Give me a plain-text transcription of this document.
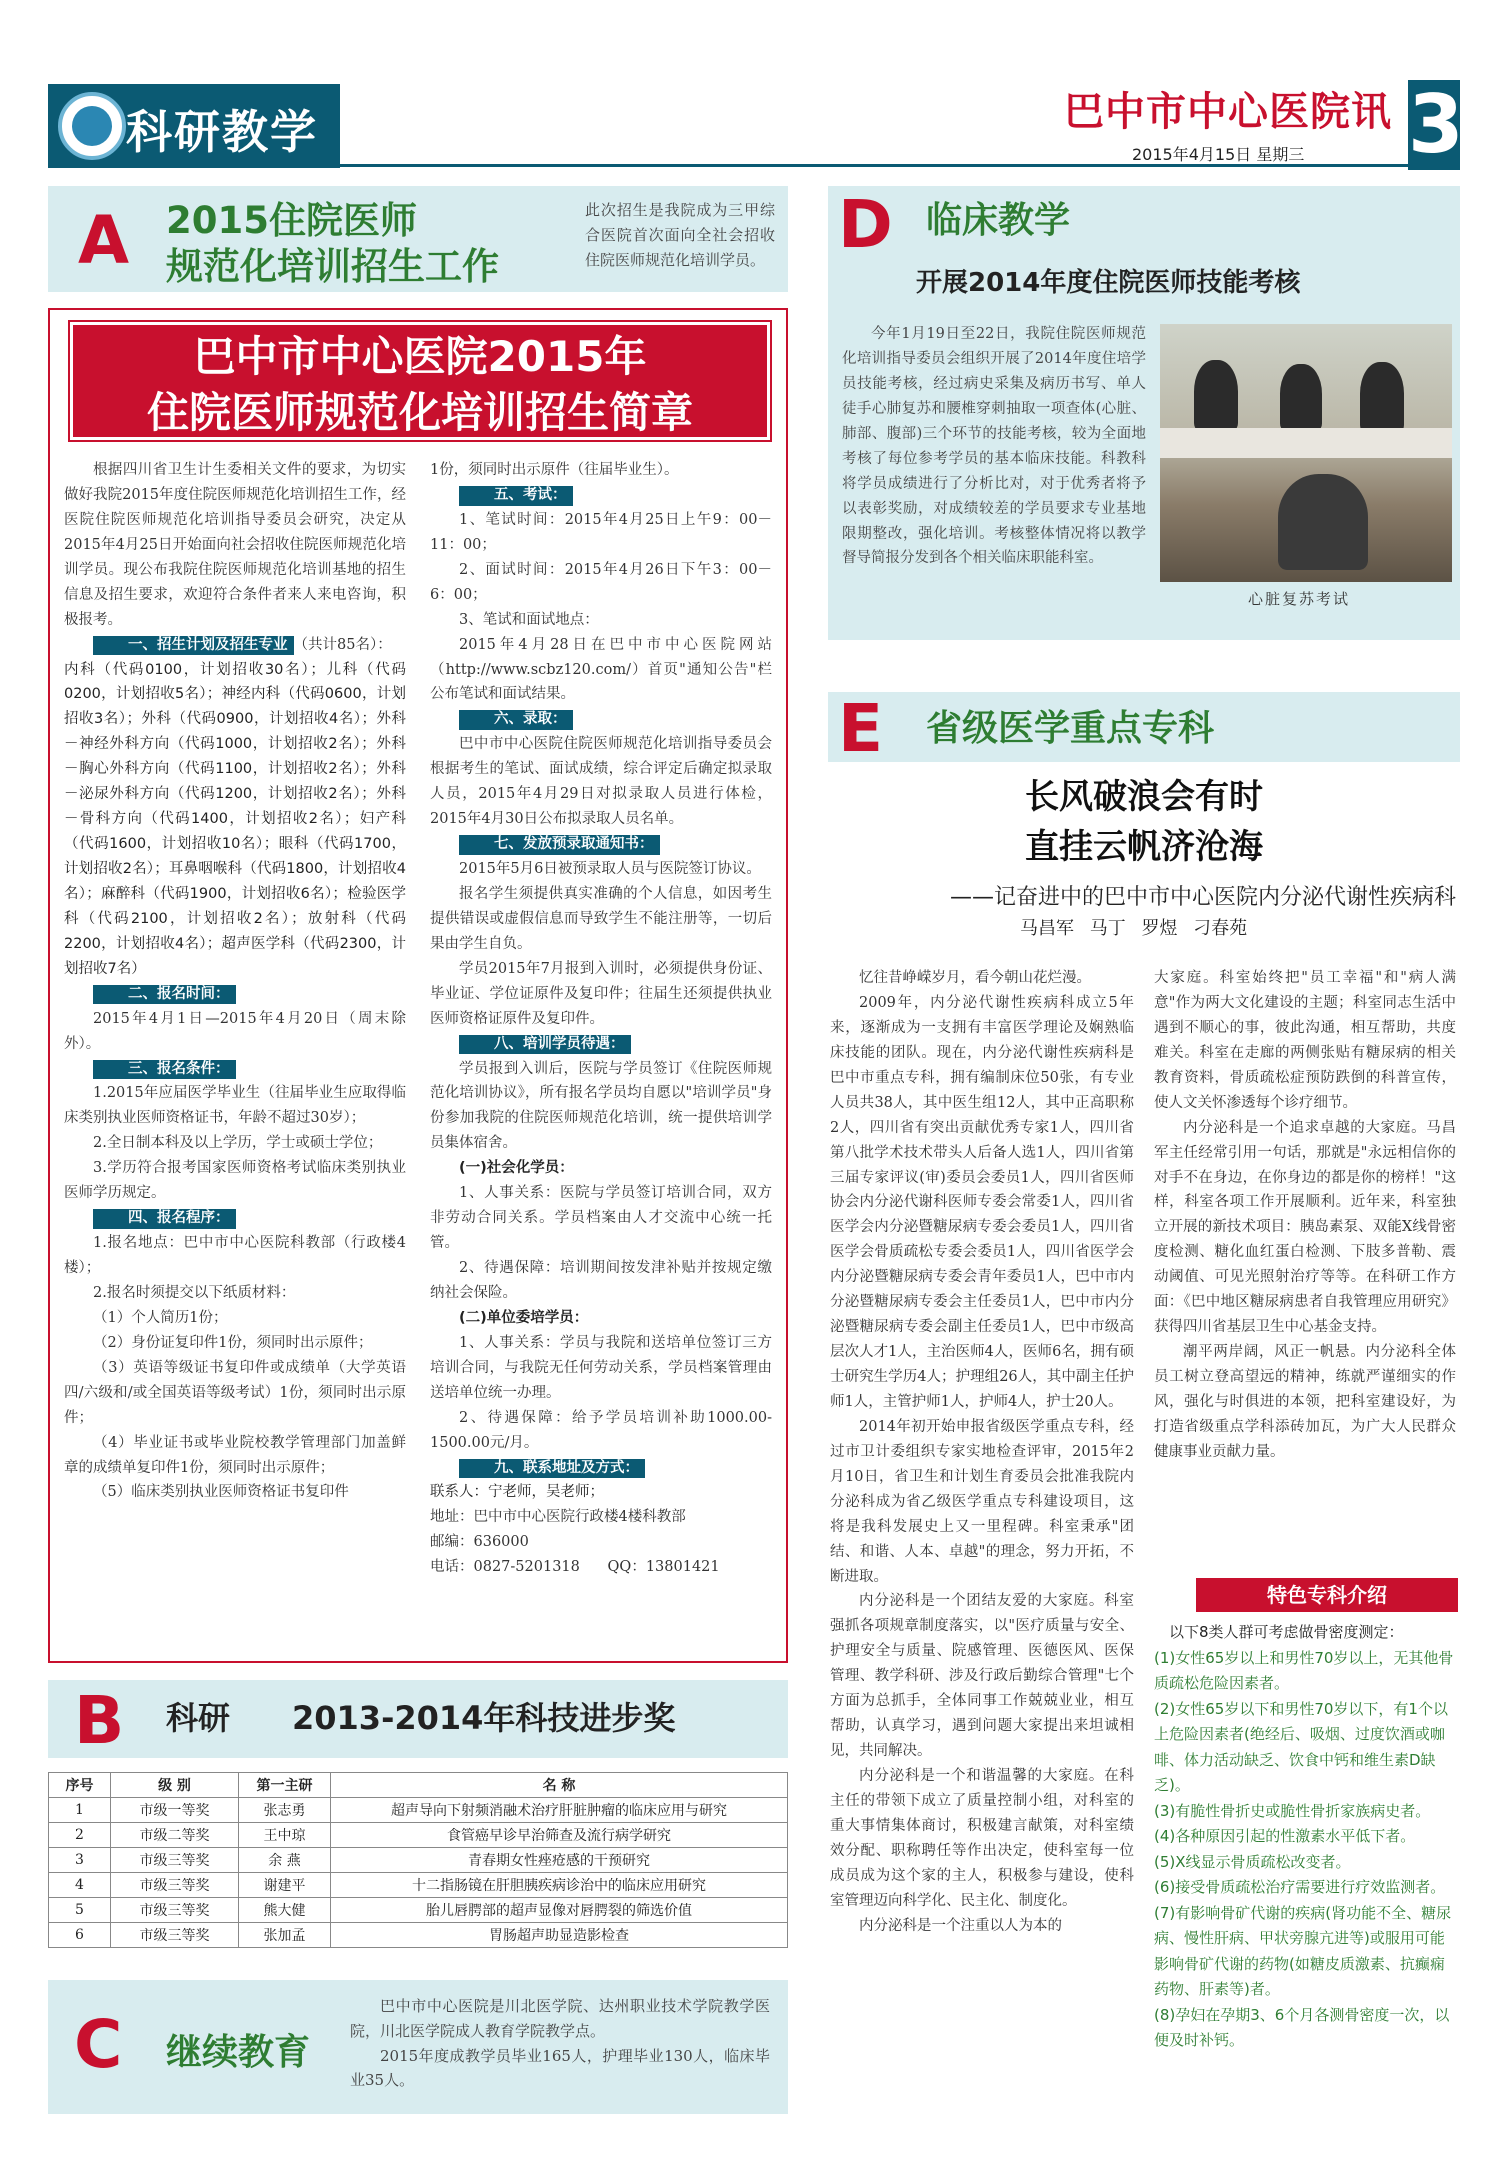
科研教学	巴中市中心医院讯 3
2015年4月15日 星期三
A 2015住院医师
规范化培训招生工作
此次招生是我院成为三甲综合医院首次面向全社会招收住院医师规范化培训学员。
巴中市中心医院2015年
住院医师规范化培训招生简章

根据四川省卫生计生委相关文件的要求，为切实做好我院2015年度住院医师规范化培训招生工作，经医院住院医师规范化培训指导委员会研究，决定从2015年4月25日开始面向社会招收住院医师规范化培训学员。现公布我院住院医师规范化培训基地的招生信息及招生要求，欢迎符合条件者来人来电咨询，积极报考。

一、招生计划及招生专业 （共计85名）：

内科（代码0100，计划招收30名）；儿科（代码0200，计划招收5名）；神经内科（代码0600，计划招收3名）；外科（代码0900，计划招收4名）；外科－神经外科方向（代码1000，计划招收2名）；外科－胸心外科方向（代码1100，计划招收2名）；外科－泌尿外科方向（代码1200，计划招收2名）；外科－骨科方向（代码1400，计划招收2名）；妇产科（代码1600，计划招收10名）；眼科（代码1700，计划招收2名）；耳鼻咽喉科（代码1800，计划招收4名）；麻醉科（代码1900，计划招收6名）；检验医学科（代码2100，计划招收2名）；放射科（代码2200，计划招收4名）；超声医学科（代码2300，计划招收7名）

二、报名时间：

2015年4月1日—2015年4月20日（周末除外）。

三、报名条件：

1.2015年应届医学毕业生（往届毕业生应取得临床类别执业医师资格证书，年龄不超过30岁）；

2.全日制本科及以上学历，学士或硕士学位；

3.学历符合报考国家医师资格考试临床类别执业医师学历规定。

四、报名程序：

1.报名地点：巴中市中心医院科教部（行政楼4楼）；

2.报名时须提交以下纸质材料：

（1）个人简历1份；

（2）身份证复印件1份，须同时出示原件；

（3）英语等级证书复印件或成绩单（大学英语四/六级和/或全国英语等级考试）1份，须同时出示原件；

（4）毕业证书或毕业院校教学管理部门加盖鲜章的成绩单复印件1份，须同时出示原件；

（5）临床类别执业医师资格证书复印件

1份，须同时出示原件（往届毕业生）。

五、考试：

1、笔试时间：2015年4月25日上午9：00－11：00；

2、面试时间：2015年4月26日下午3：00－6：00；

3、笔试和面试地点：

2015年4月28日在巴中市中心医院网站（http://www.scbz120.com/）首页"通知公告"栏公布笔试和面试结果。

六、录取：

巴中市中心医院住院医师规范化培训指导委员会根据考生的笔试、面试成绩，综合评定后确定拟录取人员，2015年4月29日对拟录取人员进行体检，2015年4月30日公布拟录取人员名单。

七、发放预录取通知书：

2015年5月6日被预录取人员与医院签订协议。

报名学生须提供真实准确的个人信息，如因考生提供错误或虚假信息而导致学生不能注册等，一切后果由学生自负。

学员2015年7月报到入训时，必须提供身份证、毕业证、学位证原件及复印件；往届生还须提供执业医师资格证原件及复印件。

八、培训学员待遇：

学员报到入训后，医院与学员签订《住院医师规范化培训协议》，所有报名学员均自愿以"培训学员"身份参加我院的住院医师规范化培训，统一提供培训学员集体宿舍。

(一)社会化学员：

1、人事关系：医院与学员签订培训合同，双方非劳动合同关系。学员档案由人才交流中心统一托管。

2、待遇保障：培训期间按发津补贴并按规定缴纳社会保险。

(二)单位委培学员：

1、人事关系：学员与我院和送培单位签订三方培训合同，与我院无任何劳动关系，学员档案管理由送培单位统一办理。

2、待遇保障：给予学员培训补助1000.00-1500.00元/月。

九、联系地址及方式：

联系人：宁老师，吴老师；

地址：巴中市中心医院行政楼4楼科教部

邮编：636000

电话：0827-5201318 QQ：13801421

B 科研 2013-2014年科技进步奖
序号	级 别	第一主研	名 称
1	市级一等奖	张志勇	超声导向下射频消融术治疗肝脏肿瘤的临床应用与研究
2	市级二等奖	王中琼	食管癌早诊早治筛查及流行病学研究
3	市级三等奖	余 燕	青春期女性痤疮感的干预研究
4	市级三等奖	谢建平	十二指肠镜在肝胆胰疾病诊治中的临床应用研究
5	市级三等奖	熊大健	胎儿唇腭部的超声显像对唇腭裂的筛选价值
6	市级三等奖	张加孟	胃肠超声助显造影检查
C 继续教育
巴中市中心医院是川北医学院、达州职业技术学院教学医院，川北医学院成人教育学院教学点。
2015年度成教学员毕业165人，护理毕业130人，临床毕业35人。
D 临床教学
开展2014年度住院医师技能考核

今年1月19日至22日，我院住院医师规范化培训指导委员会组织开展了2014年度住培学员技能考核，经过病史采集及病历书写、单人徒手心肺复苏和腰椎穿刺抽取一项查体(心脏、肺部、腹部)三个环节的技能考核，较为全面地考核了每位参考学员的基本临床技能。科教科将学员成绩进行了分析比对，对于优秀者将予以表彰奖励，对成绩较差的学员要求专业基地限期整改，强化培训。考核整体情况将以教学督导简报分发到各个相关临床职能科室。

心脏复苏考试
E 省级医学重点专科
长风破浪会有时
直挂云帆济沧海
——记奋进中的巴中市中心医院内分泌代谢性疾病科
马昌军 马丁 罗煜 刁春苑

忆往昔峥嵘岁月，看今朝山花烂漫。

2009年，内分泌代谢性疾病科成立5年来，逐渐成为一支拥有丰富医学理论及娴熟临床技能的团队。现在，内分泌代谢性疾病科是巴中市重点专科，拥有编制床位50张，有专业人员共38人，其中医生组12人，其中正高职称2人，四川省有突出贡献优秀专家1人，四川省第八批学术技术带头人后备人选1人，四川省第三届专家评议(审)委员会委员1人，四川省医师协会内分泌代谢科医师专委会常委1人，四川省医学会内分泌暨糖尿病专委会委员1人，四川省医学会骨质疏松专委会委员1人，四川省医学会内分泌暨糖尿病专委会青年委员1人，巴中市内分泌暨糖尿病专委会主任委员1人，巴中市内分泌暨糖尿病专委会副主任委员1人，巴中市级高层次人才1人，主治医师4人，医师6名，拥有硕士研究生学历4人；护理组26人，其中副主任护师1人，主管护师1人，护师4人，护士20人。

2014年初开始申报省级医学重点专科，经过市卫计委组织专家实地检查评审，2015年2月10日，省卫生和计划生育委员会批准我院内分泌科成为省乙级医学重点专科建设项目，这将是我科发展史上又一里程碑。科室秉承"团结、和谐、人本、卓越"的理念，努力开拓，不断进取。

内分泌科是一个团结友爱的大家庭。科室强抓各项规章制度落实，以"医疗质量与安全、护理安全与质量、院感管理、医德医风、医保管理、教学科研、涉及行政后勤综合管理"七个方面为总抓手，全体同事工作兢兢业业，相互帮助，认真学习，遇到问题大家提出来坦诚相见，共同解决。

内分泌科是一个和谐温馨的大家庭。在科主任的带领下成立了质量控制小组，对科室的重大事情集体商讨，积极建言献策，对科室绩效分配、职称聘任等作出决定，使科室每一位成员成为这个家的主人，积极参与建设，使科室管理迈向科学化、民主化、制度化。

内分泌科是一个注重以人为本的

大家庭。科室始终把"员工幸福"和"病人满意"作为两大文化建设的主题；科室同志生活中遇到不顺心的事，彼此沟通，相互帮助，共度难关。科室在走廊的两侧张贴有糖尿病的相关教育资料，骨质疏松症预防跌倒的科普宣传，使人文关怀渗透每个诊疗细节。

内分泌科是一个追求卓越的大家庭。马昌军主任经常引用一句话，那就是"永远相信你的对手不在身边，在你身边的都是你的榜样！"这样，科室各项工作开展顺利。近年来，科室独立开展的新技术项目：胰岛素泵、双能X线骨密度检测、糖化血红蛋白检测、下肢多普勒、震动阈值、可见光照射治疗等等。在科研工作方面：《巴中地区糖尿病患者自我管理应用研究》获得四川省基层卫生中心基金支持。

潮平两岸阔，风正一帆悬。内分泌科全体员工树立登高望远的精神，练就严谨细实的作风，强化与时俱进的本领，把科室建设好，为打造省级重点学科添砖加瓦，为广大人民群众健康事业贡献力量。

特色专科介绍
以下8类人群可考虑做骨密度测定：
(1)女性65岁以上和男性70岁以上，无其他骨质疏松危险因素者。
(2)女性65岁以下和男性70岁以下，有1个以上危险因素者(绝经后、吸烟、过度饮酒或咖啡、体力活动缺乏、饮食中钙和维生素D缺乏)。
(3)有脆性骨折史或脆性骨折家族病史者。
(4)各种原因引起的性激素水平低下者。
(5)X线显示骨质疏松改变者。
(6)接受骨质疏松治疗需要进行疗效监测者。
(7)有影响骨矿代谢的疾病(肾功能不全、糖尿病、慢性肝病、甲状旁腺亢进等)或服用可能影响骨矿代谢的药物(如糖皮质激素、抗癫痫药物、肝素等)者。
(8)孕妇在孕期3、6个月各测骨密度一次，以便及时补钙。
